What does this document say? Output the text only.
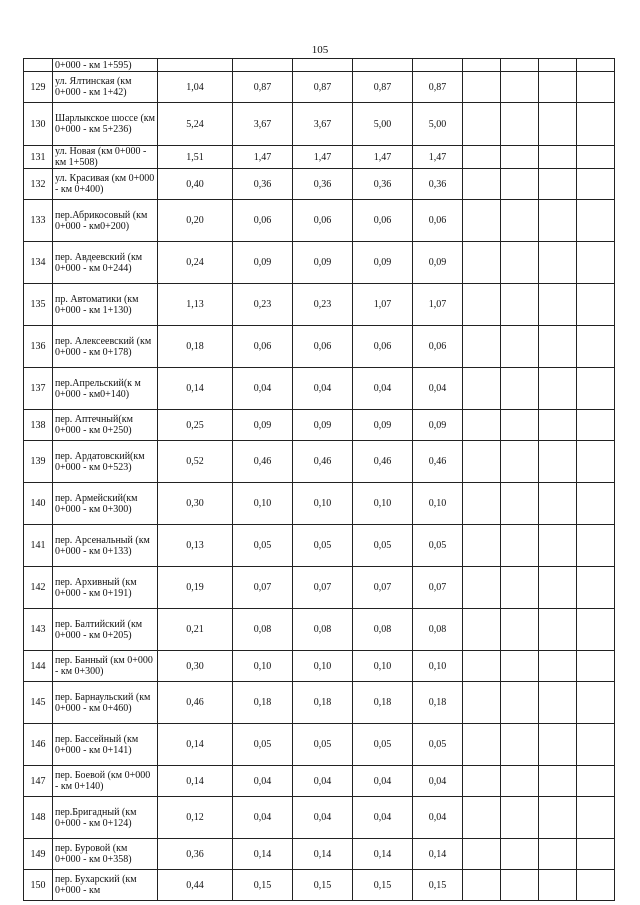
105
	0+000 - км 1+595)									
129	ул. Ялтинская (км 0+000 - км 1+42)	1,04	0,87	0,87	0,87	0,87				
130	Шарлыкское шоссе (км 0+000 - км 5+236)	5,24	3,67	3,67	5,00	5,00				
131	ул. Новая (км 0+000 - км 1+508)	1,51	1,47	1,47	1,47	1,47				
132	ул. Красивая (км 0+000 - км 0+400)	0,40	0,36	0,36	0,36	0,36				
133	пер.Абрикосовый (км 0+000 - км0+200)	0,20	0,06	0,06	0,06	0,06				
134	пер. Авдеевский (км 0+000 - км 0+244)	0,24	0,09	0,09	0,09	0,09				
135	пр. Автоматики (км 0+000 - км 1+130)	1,13	0,23	0,23	1,07	1,07				
136	пер. Алексеевский (км 0+000 - км 0+178)	0,18	0,06	0,06	0,06	0,06				
137	пер.Апрельский(к м 0+000 - км0+140)	0,14	0,04	0,04	0,04	0,04				
138	пер. Аптечный(км 0+000 - км 0+250)	0,25	0,09	0,09	0,09	0,09				
139	пер. Ардатовский(км 0+000 - км 0+523)	0,52	0,46	0,46	0,46	0,46				
140	пер. Армейский(км 0+000 - км 0+300)	0,30	0,10	0,10	0,10	0,10				
141	пер. Арсенальный (км 0+000 - км 0+133)	0,13	0,05	0,05	0,05	0,05				
142	пер. Архивный (км 0+000 - км 0+191)	0,19	0,07	0,07	0,07	0,07				
143	пер. Балтийский (км 0+000 - км 0+205)	0,21	0,08	0,08	0,08	0,08				
144	пер. Банный (км 0+000 - км 0+300)	0,30	0,10	0,10	0,10	0,10				
145	пер. Барнаульский (км 0+000 - км 0+460)	0,46	0,18	0,18	0,18	0,18				
146	пер. Бассейный (км 0+000 - км 0+141)	0,14	0,05	0,05	0,05	0,05				
147	пер. Боевой (км 0+000 - км 0+140)	0,14	0,04	0,04	0,04	0,04				
148	пер.Бригадный (км 0+000 - км 0+124)	0,12	0,04	0,04	0,04	0,04				
149	пер. Буровой (км 0+000 - км 0+358)	0,36	0,14	0,14	0,14	0,14				
150	пер. Бухарский (км 0+000 - км	0,44	0,15	0,15	0,15	0,15				
